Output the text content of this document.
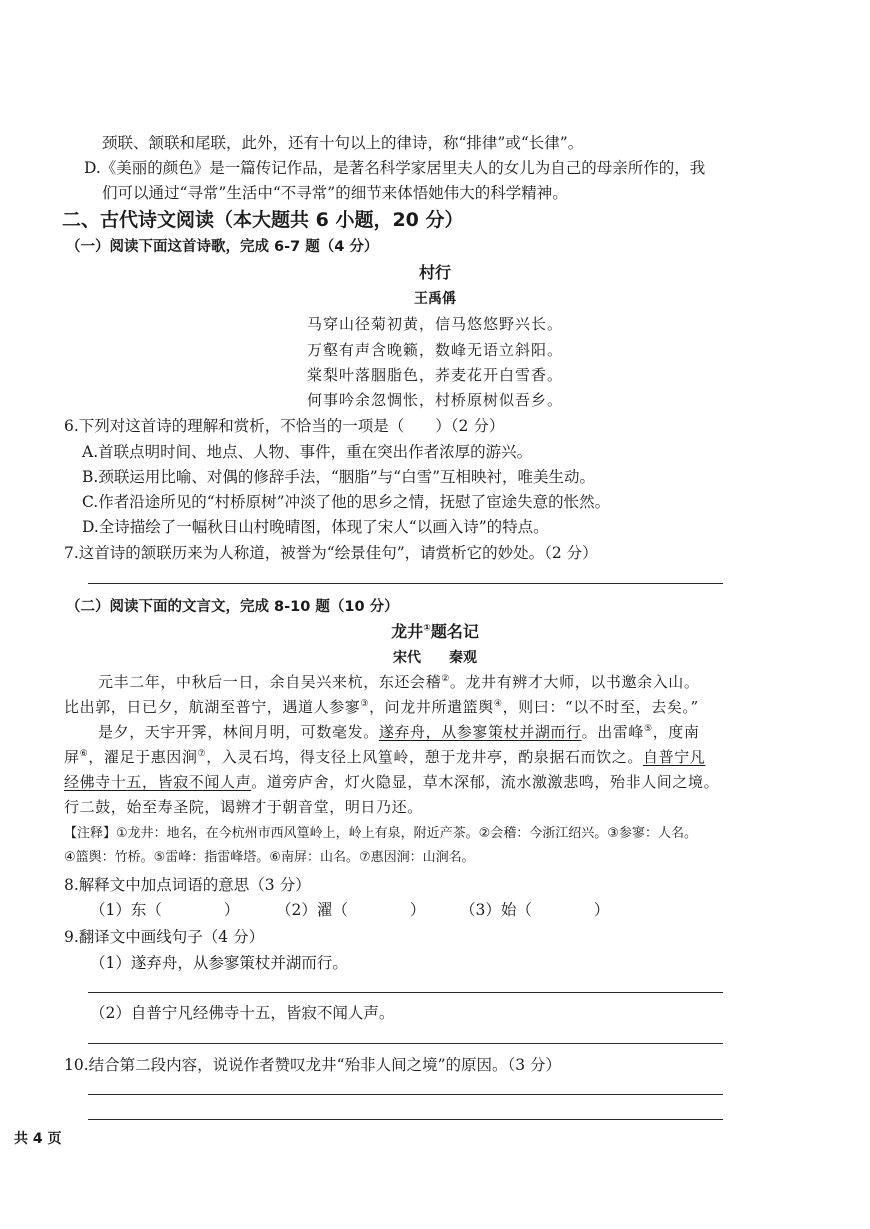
颈联、颔联和尾联，此外，还有十句以上的律诗，称“排律”或“长律”。
D.《美丽的颜色》是一篇传记作品，是著名科学家居里夫人的女儿为自己的母亲所作的，我
们可以通过“寻常”生活中“不寻常”的细节来体悟她伟大的科学精神。
二、古代诗文阅读（本大题共 6 小题，20 分）
（一）阅读下面这首诗歌，完成 6-7 题（4 分）
村行
王禹偁
马穿山径菊初黄，信马悠悠野兴长。
万壑有声含晚籁，数峰无语立斜阳。
棠梨叶落胭脂色，荞麦花开白雪香。
何事吟余忽惆怅，村桥原树似吾乡。
6.下列对这首诗的理解和赏析，不恰当的一项是（　　）（2 分）
A.首联点明时间、地点、人物、事件，重在突出作者浓厚的游兴。
B.颈联运用比喻、对偶的修辞手法，“胭脂”与“白雪”互相映衬，唯美生动。
C.作者沿途所见的“村桥原树”冲淡了他的思乡之情，抚慰了宦途失意的怅然。
D.全诗描绘了一幅秋日山村晚晴图，体现了宋人“以画入诗”的特点。
7.这首诗的颔联历来为人称道，被誉为“绘景佳句”，请赏析它的妙处。（2 分）
（二）阅读下面的文言文，完成 8-10 题（10 分）
龙井①题名记
宋代   秦观
元丰二年，中秋后一日，余自吴兴来杭，东还会稽②。龙井有辨才大师，以书邀余入山。
比出郭，日已夕，航湖至普宁，遇道人参寥③，问龙井所遣篮舆④，则曰：“以不时至，去矣。”
是夕，天宇开霁，林间月明，可数毫发。遂弃舟，从参寥策杖并湖而行。出雷峰⑤，度南
屏⑥，濯足于惠因涧⑦，入灵石坞，得支径上风篁岭，憩于龙井亭，酌泉据石而饮之。自普宁凡
经佛寺十五，皆寂不闻人声。道旁庐舍，灯火隐显，草木深郁，流水激激悲鸣，殆非人间之境。
行二鼓，始至寿圣院，谒辨才于朝音堂，明日乃还。
【注释】①龙井：地名，在今杭州市西风篁岭上，岭上有泉，附近产茶。②会稽：今浙江绍兴。③参寥：人名。
④篮舆：竹桥。⑤雷峰：指雷峰塔。⑥南屏：山名。⑦惠因涧：山涧名。
8.解释文中加点词语的意思（3 分）
（1）东（　　　　） （2）濯（　　　　） （3）始（　　　　）
9.翻译文中画线句子（4 分）
（1）遂弃舟，从参寥策杖并湖而行。
（2）自普宁凡经佛寺十五，皆寂不闻人声。
10.结合第二段内容，说说作者赞叹龙井“殆非人间之境”的原因。（3 分）
共 4 页
